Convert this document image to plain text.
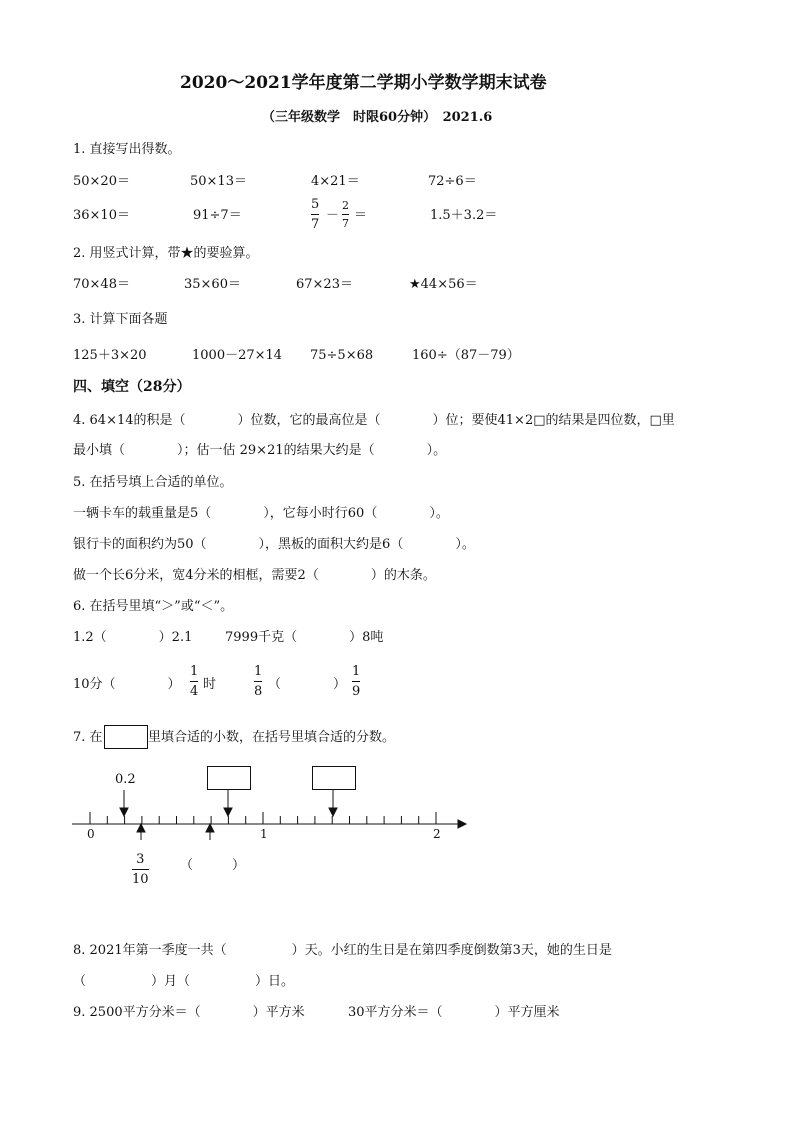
2020～2021学年度第二学期小学数学期末试卷
（三年级数学　时限60分钟）　2021.6
1. 直接写出得数。
50×20＝	50×13＝	4×21＝	72÷6＝
36×10＝	91÷7＝
5
7
－
2
7
＝	1.5＋3.2＝
2. 用竖式计算，带★的要验算。
70×48＝	35×60＝	67×23＝	★44×56＝
3. 计算下面各题
125＋3×20	1000－27×14 75÷5×68	160÷（87－79）
四、填空（28分）
4. 64×14的积是（　　　　）位数，它的最高位是（　　　　）位；要使41×2□的结果是四位数，□里
最小填（　　　　）；估一估 29×21的结果大约是（　　　　）。
5. 在括号填上合适的单位。
一辆卡车的载重量是5（　　　　），它每小时行60（　　　　）。
银行卡的面积约为50（　　　　），黑板的面积大约是6（　　　　）。
做一个长6分米，宽4分米的相框，需要2（　　　　）的木条。
6. 在括号里填“＞”或“＜”。
1.2（　　　　）2.1	7999千克（　　　　）8吨
10分（　　　　）
1
4 时
1
8 （　　　　）
1
9
7. 在	里填合适的小数，在括号里填合适的分数。
0.2
0	1	2
3
10
（　　　）
8. 2021年第一季度一共（　　　　　）天。小红的生日是在第四季度倒数第3天，她的生日是
（　　　　　）月（　　　　　）日。
9. 2500平方分米＝（　　　　）平方米	30平方分米＝（　　　　）平方厘米
